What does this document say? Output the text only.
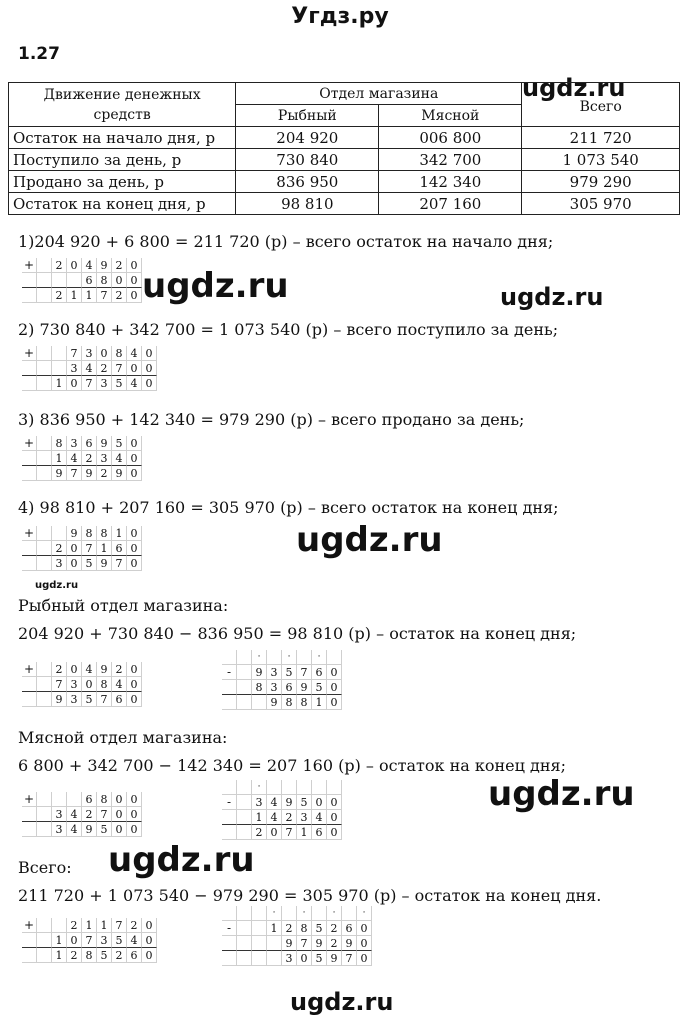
Угдз.ру
1.27
ugdz.ru
ugdz.ru	ugdz.ru
ugdz.ru
ugdz.ru
ugdz.ru
ugdz.ru
ugdz.ru
Движение денежных
средств	Отдел магазина		Всего
	Рыбный	Мясной	
Остаток на начало дня, р	204 920	006 800	211 720
Поступило за день, р	730 840	342 700	1 073 540
Продано за день, р	836 950	142 340	979 290
Остаток на конец дня, р	98 810	207 160	305 970
1)204 920 + 6 800 = 211 720 (р) – всего остаток на начало дня;
2) 730 840 + 342 700 = 1 073 540 (р) – всего поступило за день;
3) 836 950 + 142 340 = 979 290 (р) – всего продано за день;
4) 98 810 + 207 160 = 305 970 (р) – всего остаток на конец дня;
Рыбный отдел магазина:
204 920 + 730 840 − 836 950 = 98 810 (р) – остаток на конец дня;
Мясной отдел магазина:
6 800 + 342 700 − 142 340 = 207 160 (р) – остаток на конец дня;
Всего:
211 720 + 1 073 540 − 979 290 = 305 970 (р) – остаток на конец дня.
+	2 0 4 9 2 0
6 8 0 0
2 1 1 7 2 0
+	7 3 0 8 4 0
3 4 2 7 0 0
1 0 7 3 5 4 0
+	8 3 6 9 5 0
1 4 2 3 4 0
9 7 9 2 9 0
+	9 8 8 1 0
2 0 7 1 6 0
3 0 5 9 7 0
+	2 0 4 9 2 0
7 3 0 8 4 0
9 3 5 7 6 0
·	·	·
-	9 3 5 7 6 0
8 3 6 9 5 0
9 8 8 1 0
+	6 8 0 0
3 4 2 7 0 0
3 4 9 5 0 0
·
-	3 4 9 5 0 0
1 4 2 3 4 0
2 0 7 1 6 0
+	2 1 1 7 2 0
1 0 7 3 5 4 0
1 2 8 5 2 6 0
·	·	·	·
-	1 2 8 5 2 6 0
9 7 9 2 9 0
3 0 5 9 7 0
